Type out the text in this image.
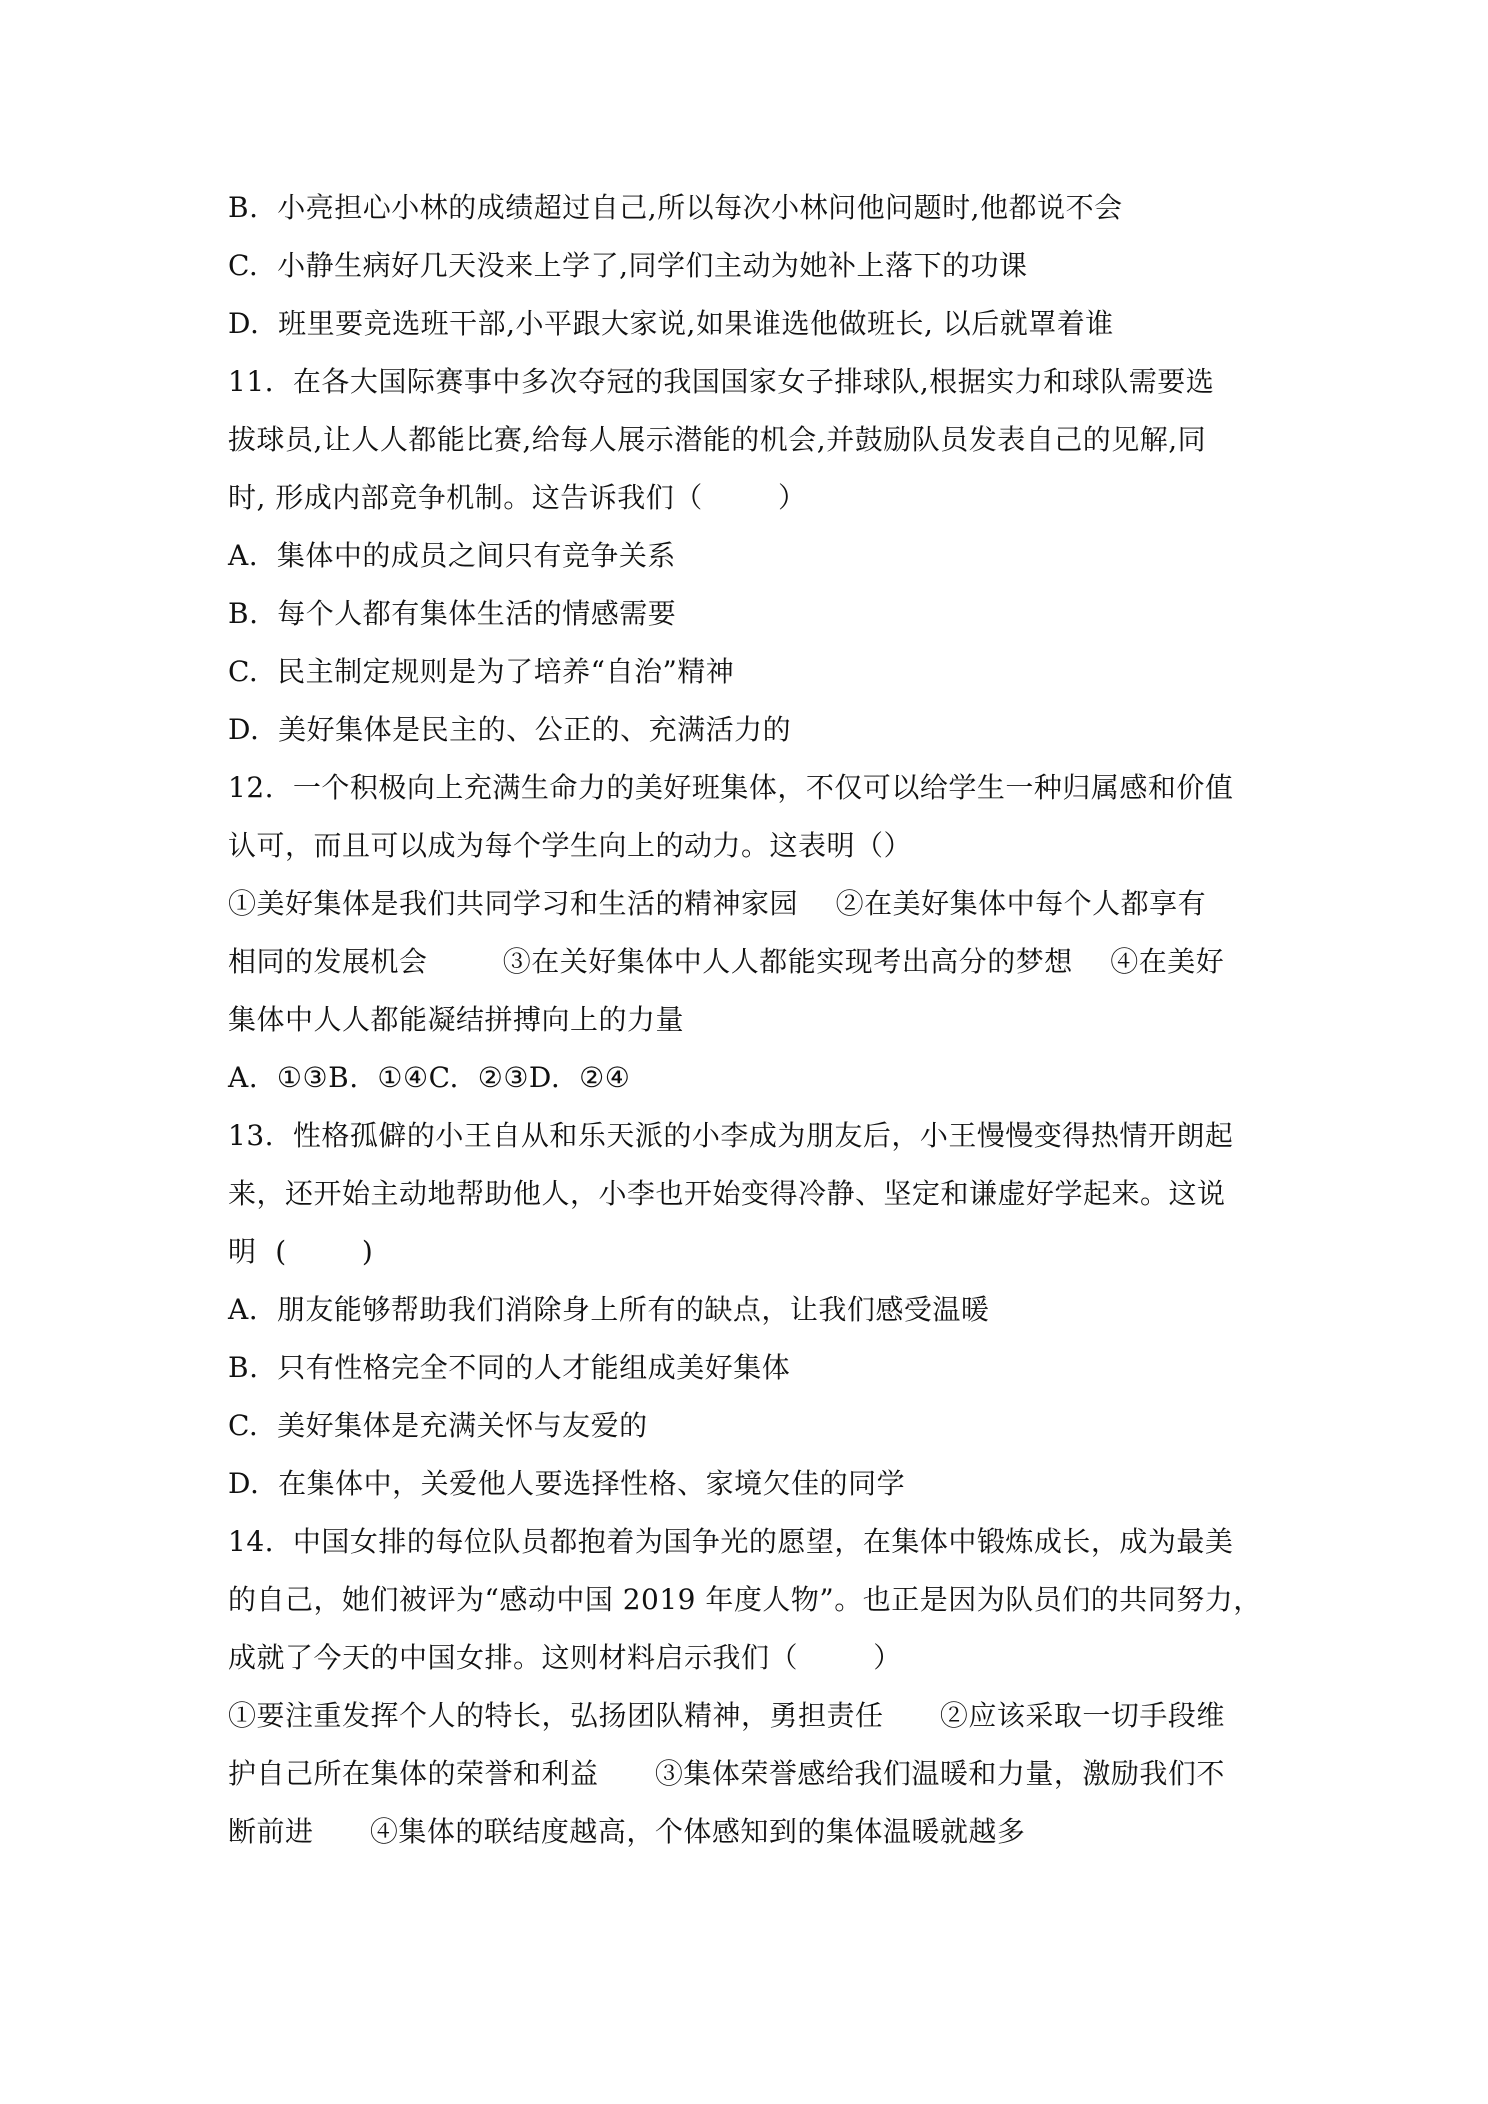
B.  小亮担心小林的成绩超过自己,所以每次小林问他问题时,他都说不会
C.  小静生病好几天没来上学了,同学们主动为她补上落下的功课
D.  班里要竞选班干部,小平跟大家说,如果谁选他做班长, 以后就罩着谁
11.  在各大国际赛事中多次夺冠的我国国家女子排球队,根据实力和球队需要选
拔球员,让人人都能比赛,给每人展示潜能的机会,并鼓励队员发表自己的见解,同
时, 形成内部竞争机制。这告诉我们（        ）
A.  集体中的成员之间只有竞争关系
B.  每个人都有集体生活的情感需要
C.  民主制定规则是为了培养“自治”精神
D.  美好集体是民主的、公正的、充满活力的
12.  一个积极向上充满生命力的美好班集体，不仅可以给学生一种归属感和价值
认可，而且可以成为每个学生向上的动力。这表明（）
①美好集体是我们共同学习和生活的精神家园    ②在美好集体中每个人都享有
相同的发展机会        ③在关好集体中人人都能实现考出高分的梦想    ④在美好
集体中人人都能凝结拼搏向上的力量
A.  ①③B.  ①④C.  ②③D.  ②④
13.  性格孤僻的小王自从和乐天派的小李成为朋友后，小王慢慢变得热情开朗起
来，还开始主动地帮助他人，小李也开始变得冷静、坚定和谦虚好学起来。这说
明  (        )
A.  朋友能够帮助我们消除身上所有的缺点，让我们感受温暖
B.  只有性格完全不同的人才能组成美好集体
C.  美好集体是充满关怀与友爱的
D.  在集体中，关爱他人要选择性格、家境欠佳的同学
14.  中国女排的每位队员都抱着为国争光的愿望，在集体中锻炼成长，成为最美
的自己，她们被评为“感动中国 2019 年度人物”。也正是因为队员们的共同努力，
成就了今天的中国女排。这则材料启示我们（        ）
①要注重发挥个人的特长，弘扬团队精神，勇担责任      ②应该采取一切手段维
护自己所在集体的荣誉和利益      ③集体荣誉感给我们温暖和力量，激励我们不
断前进      ④集体的联结度越高，个体感知到的集体温暖就越多
